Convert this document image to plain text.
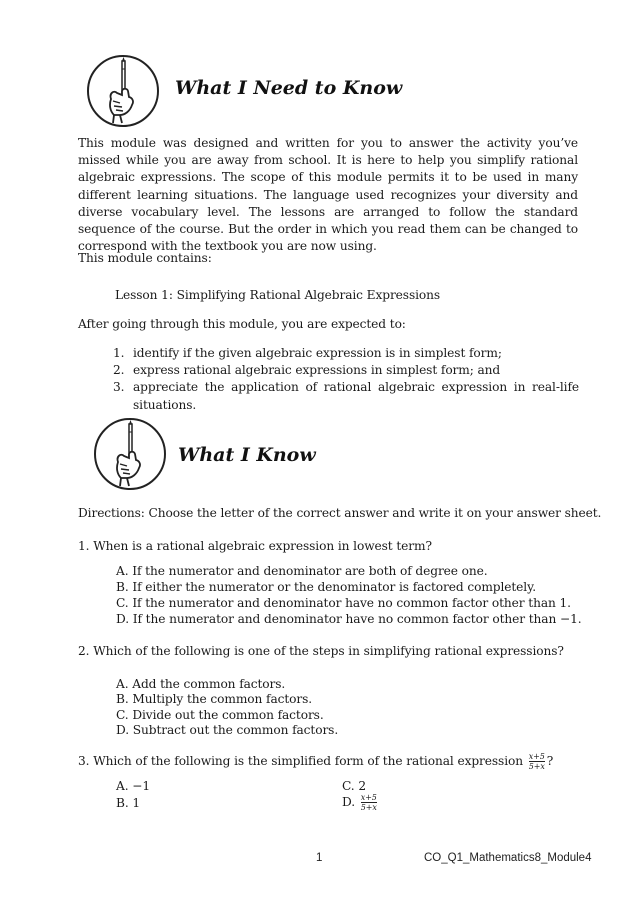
What I Need to Know
This module was designed and written for you to answer the activity you’ve missed while you are away from school. It is here to help you simplify rational algebraic expressions. The scope of this module permits it to be used in many different learning situations. The language used recognizes your diversity and diverse vocabulary level. The lessons are arranged to follow the standard sequence of the course. But the order in which you read them can be changed to correspond with the textbook you are now using.
This module contains:
Lesson 1: Simplifying Rational Algebraic Expressions
After going through this module, you are expected to:
1. identify if the given algebraic expression is in simplest form;
2. express rational algebraic expressions in simplest form; and
3. appreciate the application of rational algebraic expression in real-life situations.
What I Know
Directions: Choose the letter of the correct answer and write it on your answer sheet.
1. When is a rational algebraic expression in lowest term?
A. If the numerator and denominator are both of degree one.
B. If either the numerator or the denominator is factored completely.
C. If the numerator and denominator have no common factor other than 1.
D. If the numerator and denominator have no common factor other than −1.
2. Which of the following is one of the steps in simplifying rational expressions?
A. Add the common factors.
B. Multiply the common factors.
C. Divide out the common factors.
D. Subtract out the common factors.
3. Which of the following is the simplified form of the rational expression $\frac{x+5}{5+x}$ ?
A. −1
B. 1
C. 2
D. $\frac{x+5}{5+x}$
1	CO_Q1_Mathematics8_Module4
